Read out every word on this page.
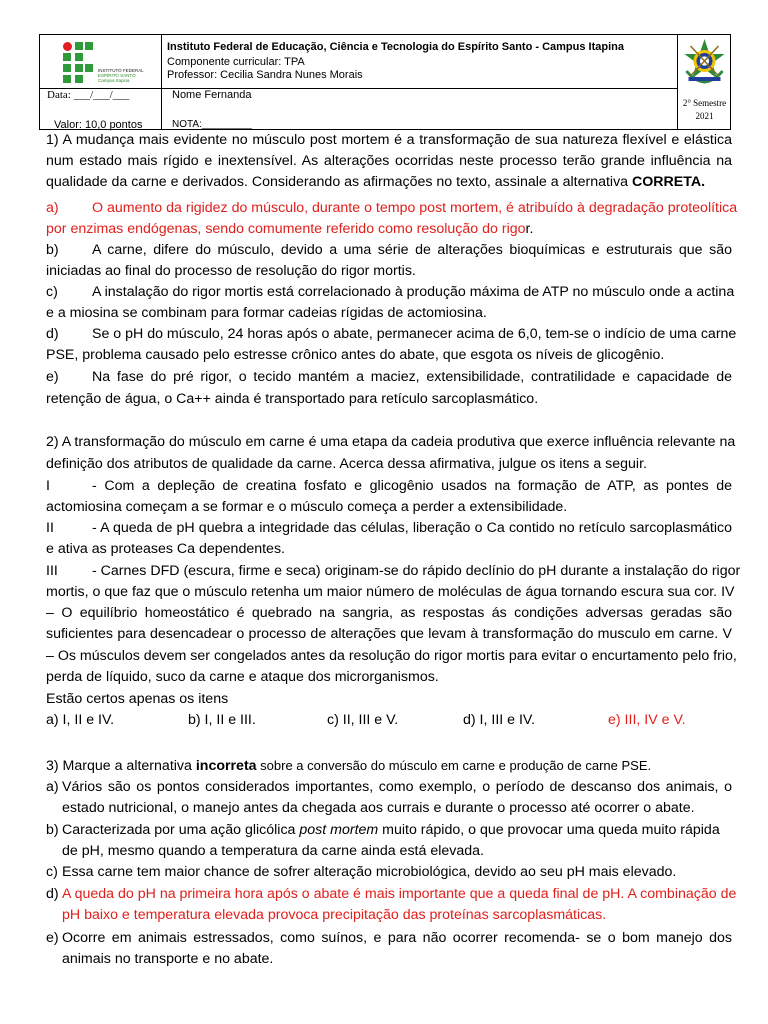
INSTITUTO FEDERAL
ESPÍRITO SANTO
Campus Itapina
Instituto Federal de Educação, Ciência e Tecnologia do Espírito Santo - Campus Itapina
Componente curricular: TPA
Professor: Cecilia Sandra Nunes Morais
Data: ___/___/___
Valor: 10,0 pontos
Nome Fernanda
NOTA:_________
2° Semestre
2021
1) A mudança mais evidente no músculo post mortem é a transformação de sua natureza flexível e elástica
num estado mais rígido e inextensível. As alterações ocorridas neste processo terão grande influência na
qualidade da carne e derivados. Considerando as afirmações no texto, assinale a alternativa CORRETA.
a) O aumento da rigidez do músculo, durante o tempo post mortem, é atribuído à degradação proteolítica
por enzimas endógenas, sendo comumente referido como resolução do rigor.
b) A carne, difere do músculo, devido a uma série de alterações bioquímicas e estruturais que são
iniciadas ao final do processo de resolução do rigor mortis.
c) A instalação do rigor mortis está correlacionado à produção máxima de ATP no músculo onde a actina
e a miosina se combinam para formar cadeias rígidas de actomiosina.
d) Se o pH do músculo, 24 horas após o abate, permanecer acima de 6,0, tem-se o indício de uma carne
PSE, problema causado pelo estresse crônico antes do abate, que esgota os níveis de glicogênio.
e) Na fase do pré rigor, o tecido mantém a maciez, extensibilidade, contratilidade e capacidade de
retenção de água, o Ca++ ainda é transportado para retículo sarcoplasmático.
2) A transformação do músculo em carne é uma etapa da cadeia produtiva que exerce influência relevante na
definição dos atributos de qualidade da carne. Acerca dessa afirmativa, julgue os itens a seguir.
I	- Com a depleção de creatina fosfato e glicogênio usados na formação de ATP, as pontes de
actomiosina começam a se formar e o músculo começa a perder a extensibilidade.
II	- A queda de pH quebra a integridade das células, liberação o Ca contido no retículo sarcoplasmático
e ativa as proteases Ca dependentes.
III - Carnes DFD (escura, firme e seca) originam-se do rápido declínio do pH durante a instalação do rigor
mortis, o que faz que o músculo retenha um maior número de moléculas de água tornando escura sua cor. IV
– O equilíbrio homeostático é quebrado na sangria, as respostas ás condições adversas geradas são
suficientes para desencadear o processo de alterações que levam à transformação do musculo em carne. V
– Os músculos devem ser congelados antes da resolução do rigor mortis para evitar o encurtamento pelo frio,
perda de líquido, suco da carne e ataque dos microrganismos.
Estão certos apenas os itens
a) I, II e IV.	b) I, II e III.	c) II, III e V.	d) I, III e IV.	e) III, IV e V.
3) Marque a alternativa incorreta sobre a conversão do músculo em carne e produção de carne PSE.
a) Vários são os pontos considerados importantes, como exemplo, o período de descanso dos animais, o
estado nutricional, o manejo antes da chegada aos currais e durante o processo até ocorrer o abate.
b) Caracterizada por uma ação glicólica post mortem muito rápido, o que provocar uma queda muito rápida
de pH, mesmo quando a temperatura da carne ainda está elevada.
c) Essa carne tem maior chance de sofrer alteração microbiológica, devido ao seu pH mais elevado.
d) A queda do pH na primeira hora após o abate é mais importante que a queda final de pH. A combinação de
pH baixo e temperatura elevada provoca precipitação das proteínas sarcoplasmáticas.
e) Ocorre em animais estressados, como suínos, e para não ocorrer recomenda- se o bom manejo dos
animais no transporte e no abate.
